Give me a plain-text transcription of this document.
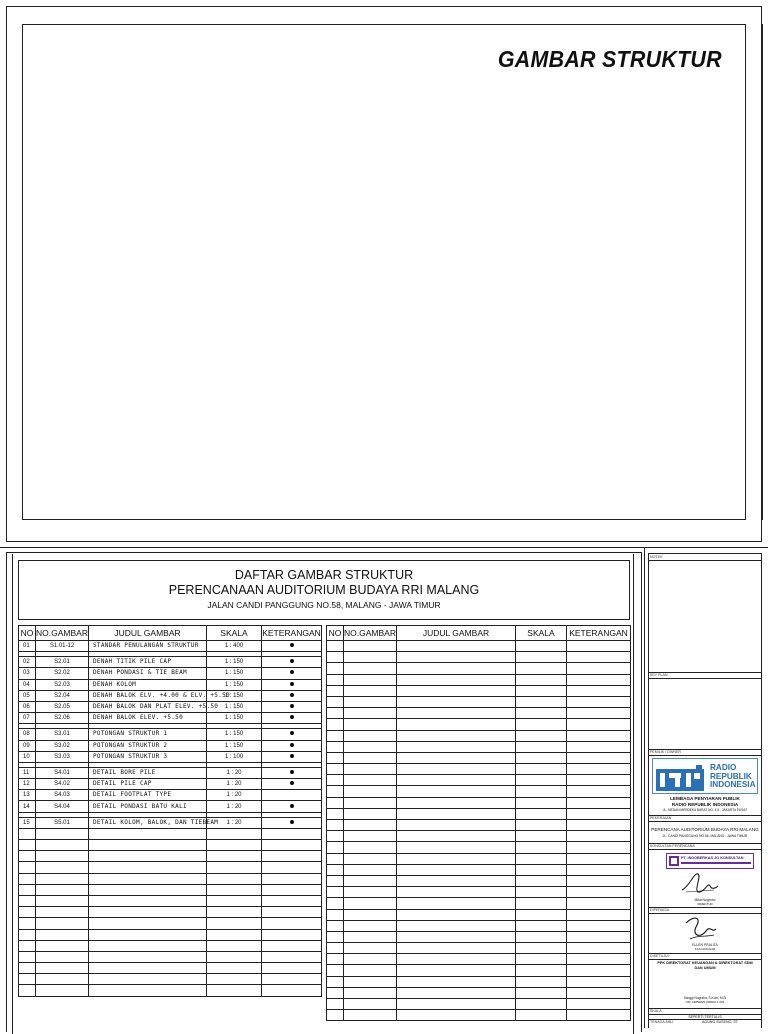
GAMBAR STRUKTUR
DAFTAR GAMBAR STRUKTUR
PERENCANAAN AUDITORIUM BUDAYA RRI MALANG
JALAN CANDI PANGGUNG NO.58, MALANG - JAWA TIMUR
NO	NO.GAMBAR	JUDUL GAMBAR	SKALA	KETERANGAN
01	S1.01-12	STANDAR PENULANGAN STRUKTUR	1 : 400	

02	S2.01	DENAH TITIK PILE CAP	1 : 150	
03	S2.02	DENAH PONDASI & TIE BEAM	1 : 150	
04	S2.03	DENAH KOLOM	1 : 150	
05	S2.04	DENAH BALOK ELV. +4.00 & ELV. +5.50	1 : 150	
06	S2.05	DENAH BALOK DAN PLAT ELEV. +5.50	1 : 150	
07	S2.06	DENAH BALOK ELEV. +5.50	1 : 150	

08	S3.01	POTONGAN STRUKTUR 1	1 : 150	
09	S3.02	POTONGAN STRUKTUR 2	1 : 150	
10	S3.03	POTONGAN STRUKTUR 3	1 : 100	

11	S4.01	DETAIL BORE PILE	1 : 20	
12	S4.02	DETAIL PILE CAP	1 : 20	
13	S4.03	DETAIL FOOTPLAT TYPE	1 : 20	
14	S4.04	DETAIL PONDASI BATU KALI	1 : 20	

15	S5.01	DETAIL KOLOM, BALOK, DAN TIEBEAM	1 : 20	

NO	NO.GAMBAR	JUDUL GAMBAR	SKALA	KETERANGAN

NOTES
KEY PLAN
PEMILIK / OWNER
RADIO
REPUBLIK
INDONESIA
LEMBAGA PENYIARAN PUBLIK
RADIO REPUBLIK INDONESIA
JL. MEDAN MERDEKA BARAT NO. 4-5 , JAKARTA PUSAT
PEKERJAAN
PERENCANA AUDITORIUM BUDAYA RRI MALANG
JL. CANDI PANGGUNG NO.58, MALANG - JAWA TIMUR
KONSULTAN PERENCANA
PT. INDOBERKAS JO KONSULTAN
Mika Nugroho
DIREKTUR
DIPERIKSA
ELLEN PRALITA
KASI ANGGAR
DISETUJUI
PPK DIREKTORAT KEUANGAN & DIREKTORAT SDM DAN UMUM
Sanggi Nugraha, S.Kom, M.Si
NIP. 19850825 200801 1 004
SKALA
SEPERTI TERTULIS
TENAGA AHLI	AGUNG SUSENO, ST
